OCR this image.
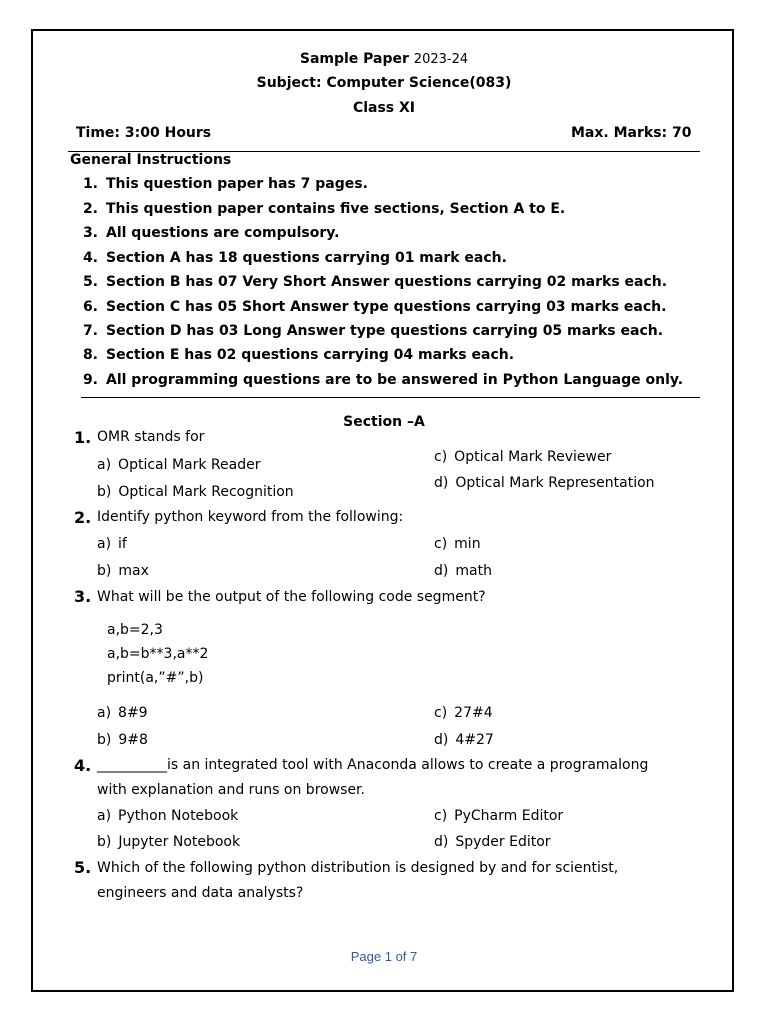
Sample Paper 2023-24
Subject: Computer Science(083)
Class XI
Time: 3:00 Hours	Max. Marks: 70
General Instructions
1. This question paper has 7 pages.
2. This question paper contains five sections, Section A to E.
3. All questions are compulsory.
4. Section A has 18 questions carrying 01 mark each.
5. Section B has 07 Very Short Answer questions carrying 02 marks each.
6. Section C has 05 Short Answer type questions carrying 03 marks each.
7. Section D has 03 Long Answer type questions carrying 05 marks each.
8. Section E has 02 questions carrying 04 marks each.
9. All programming questions are to be answered in Python Language only.
Section –A
1. OMR stands for
a) Optical Mark Reader
b) Optical Mark Recognition
c) Optical Mark Reviewer
d) Optical Mark Representation
2. Identify python keyword from the following:
a) if
b) max
c) min
d) math
3. What will be the output of the following code segment?
a,b=2,3
a,b=b**3,a**2
print(a,”#”,b)
a) 8#9
b) 9#8
c) 27#4
d) 4#27
4. __________is an integrated tool with Anaconda allows to create a programalong
with explanation and runs on browser.
a) Python Notebook
b) Jupyter Notebook
c) PyCharm Editor
d) Spyder Editor
5. Which of the following python distribution is designed by and for scientist,
engineers and data analysts?
Page 1 of 7
